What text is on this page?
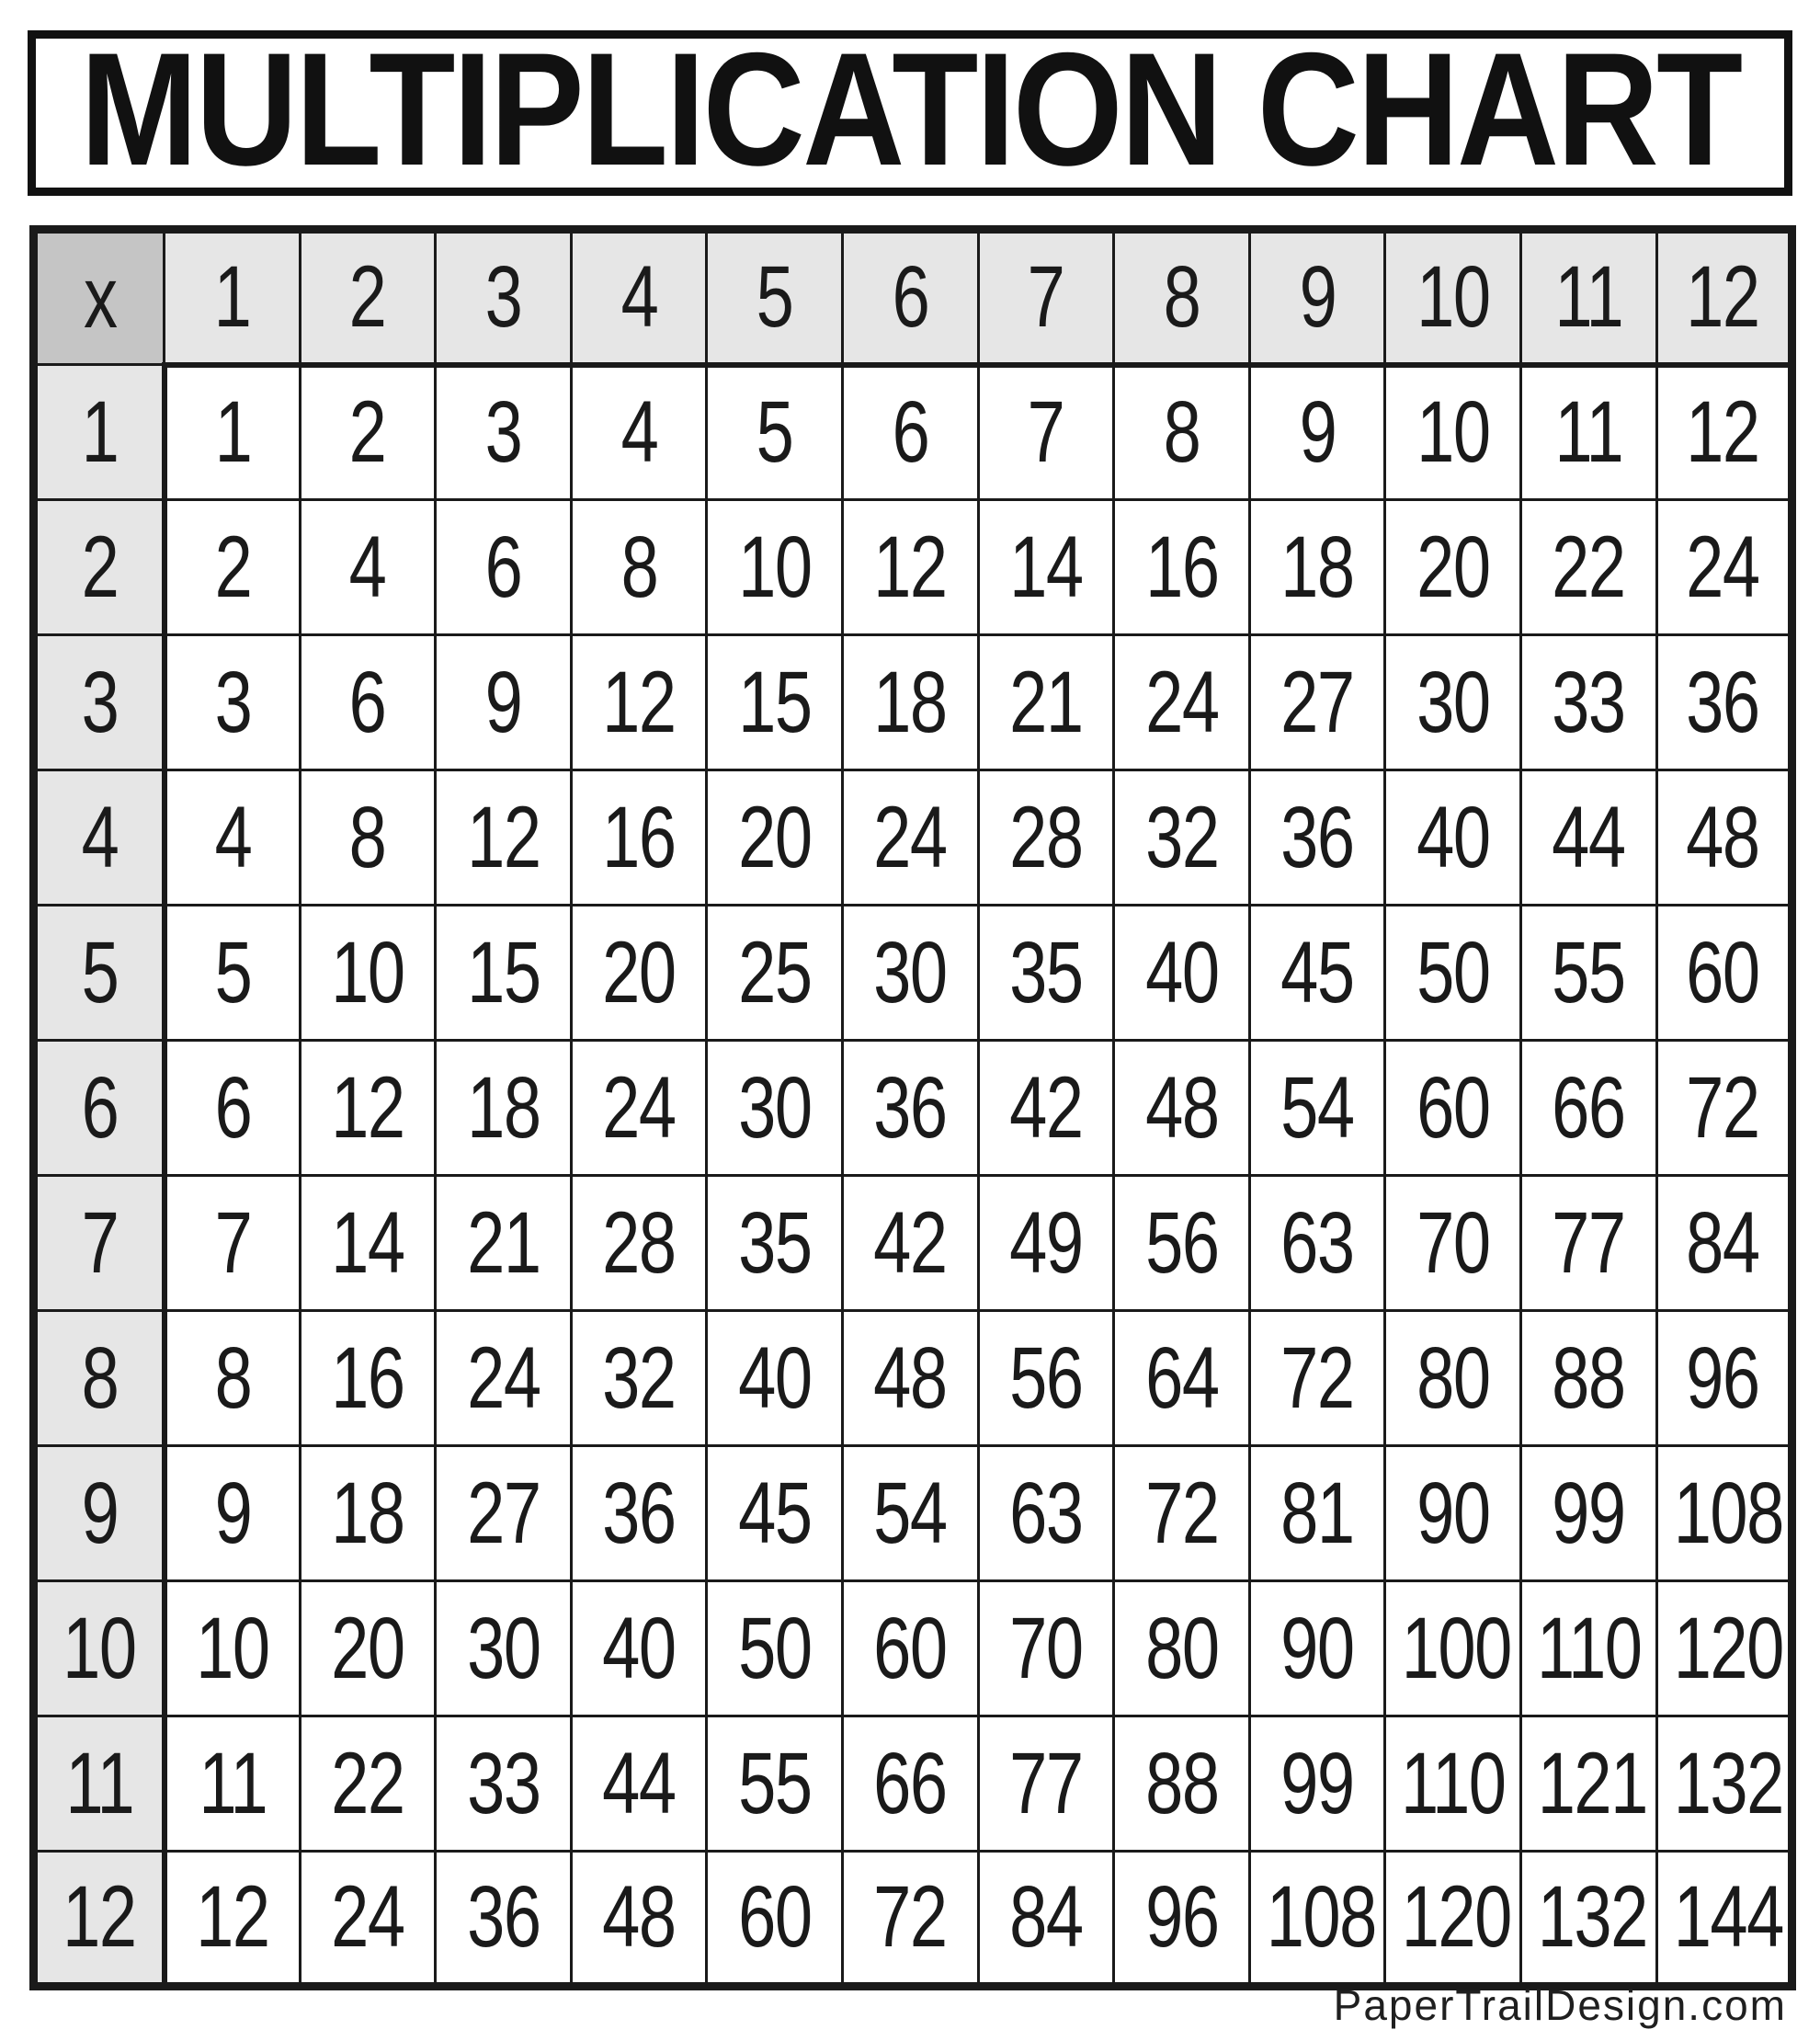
MULTIPLICATION CHART
x	1	2	3	4	5	6	7	8	9	10	11	12
1	1	2	3	4	5	6	7	8	9	10	11	12
2	2	4	6	8	10	12	14	16	18	20	22	24
3	3	6	9	12	15	18	21	24	27	30	33	36
4	4	8	12	16	20	24	28	32	36	40	44	48
5	5	10	15	20	25	30	35	40	45	50	55	60
6	6	12	18	24	30	36	42	48	54	60	66	72
7	7	14	21	28	35	42	49	56	63	70	77	84
8	8	16	24	32	40	48	56	64	72	80	88	96
9	9	18	27	36	45	54	63	72	81	90	99	108
10	10	20	30	40	50	60	70	80	90	100	110	120
11	11	22	33	44	55	66	77	88	99	110	121	132
12	12	24	36	48	60	72	84	96	108	120	132	144
PaperTrailDesign.com
